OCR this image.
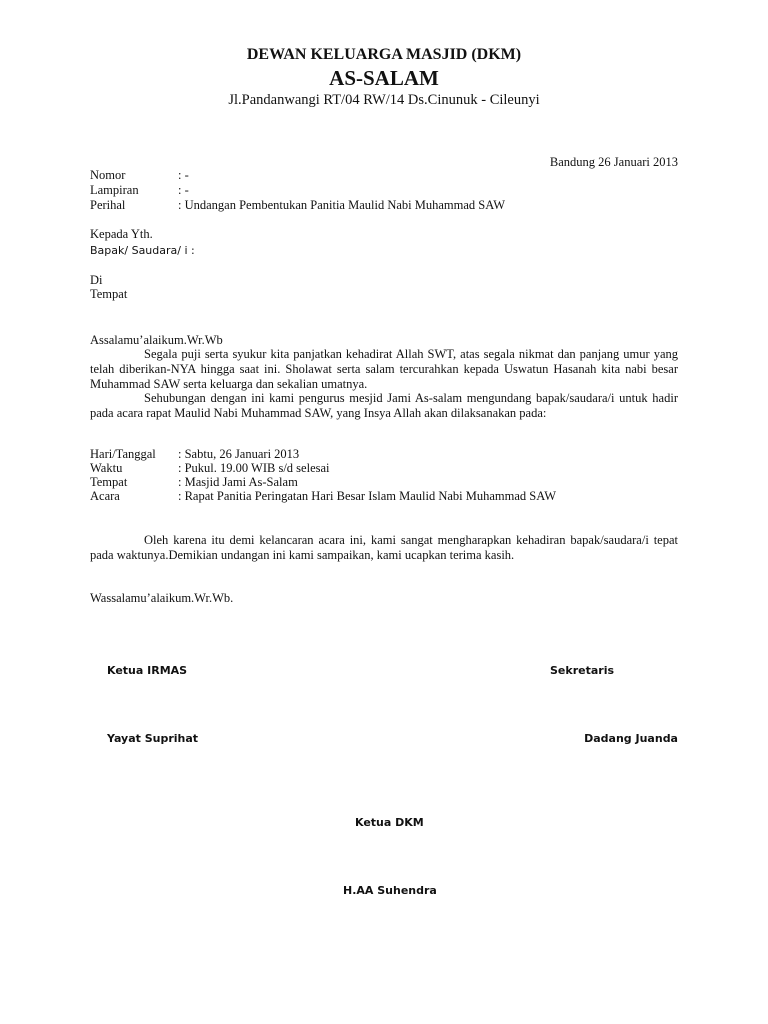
DEWAN KELUARGA MASJID (DKM)
AS-SALAM
Jl.Pandanwangi RT/04 RW/14 Ds.Cinunuk - Cileunyi
Bandung 26 Januari 2013
Nomor	: -
Lampiran	: -
Perihal	: Undangan Pembentukan Panitia Maulid Nabi Muhammad SAW
Kepada Yth.
Bapak/ Saudara/ i :
Di
Tempat
Assalamu’alaikum.Wr.Wb
Segala puji serta syukur kita panjatkan kehadirat Allah SWT, atas segala nikmat dan panjang umur yang telah diberikan-NYA hingga saat ini. Sholawat serta salam tercurahkan kepada Uswatun Hasanah kita nabi besar Muhammad SAW serta keluarga dan sekalian umatnya.
Sehubungan dengan ini kami pengurus mesjid Jami As-salam mengundang bapak/saudara/i untuk hadir pada acara rapat Maulid Nabi Muhammad SAW, yang Insya Allah akan dilaksanakan pada:
Hari/Tanggal : Sabtu, 26 Januari 2013
Waktu	: Pukul. 19.00 WIB s/d selesai
Tempat	: Masjid Jami As-Salam
Acara	: Rapat Panitia Peringatan Hari Besar Islam Maulid Nabi Muhammad SAW
Oleh karena itu demi kelancaran acara ini, kami sangat mengharapkan kehadiran bapak/saudara/i tepat pada waktunya.Demikian undangan ini kami sampaikan, kami ucapkan terima kasih.
Wassalamu’alaikum.Wr.Wb.
Ketua IRMAS	Sekretaris
Yayat Suprihat	Dadang Juanda
Ketua DKM
H.AA Suhendra
